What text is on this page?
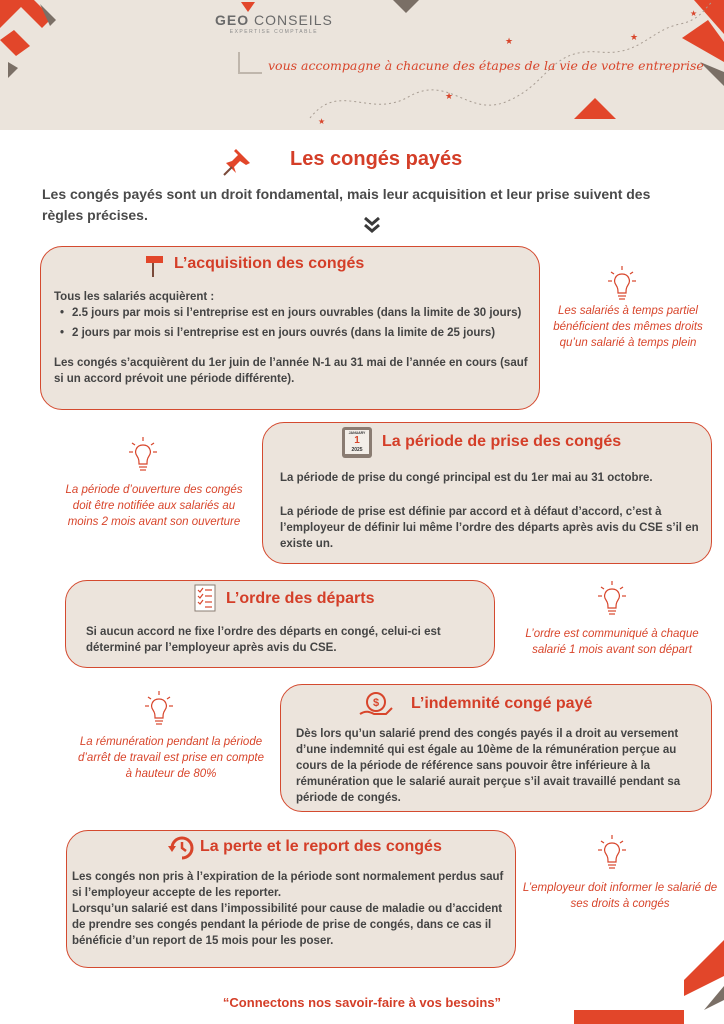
★
★
★
★
★
GEO CONSEILS
EXPERTISE COMPTABLE
vous accompagne à chacune des étapes de la vie de votre entreprise
Les congés payés
Les congés payés sont un droit fondamental, mais leur acquisition et leur prise suivent des règles précises.
L’acquisition des congés
Tous les salariés acquièrent :
• 2.5 jours par mois si l’entreprise est en jours ouvrables (dans la limite de 30 jours)
• 2 jours par mois si l’entreprise est en jours ouvrés (dans la limite de 25 jours)
Les congés s’acquièrent du 1er juin de l’année N-1 au 31 mai de l’année en cours (sauf si un accord prévoit une période différente).
Les salariés à temps partiel bénéficient des mêmes droits qu’un salarié à temps plein
JANUARY
1
2025	La période de prise des congés
La période de prise du congé principal est du 1er mai au 31 octobre.
La période de prise est définie par accord et à défaut d’accord, c’est à l’employeur de définir lui même l’ordre des départs après avis du CSE s’il en existe un.
La période d’ouverture des congés doit être notifiée aux salariés au moins 2 mois avant son ouverture
L’ordre des départs
Si aucun accord ne fixe l’ordre des départs en congé, celui-ci est déterminé par l’employeur après avis du CSE.
L’ordre est communiqué à chaque salarié 1 mois avant son départ
$ L’indemnité congé payé
Dès lors qu’un salarié prend des congés payés il a droit au versement d’une indemnité qui est égale au 10ème de la rémunération perçue au cours de la période de référence sans pouvoir être inférieure à la rémunération que le salarié aurait perçue s’il avait travaillé pendant sa période de congés.
La rémunération pendant la période d’arrêt de travail est prise en compte à hauteur de 80%
La perte et le report des congés
Les congés non pris à l’expiration de la période sont normalement perdus sauf si l’employeur accepte de les reporter.
Lorsqu’un salarié est dans l’impossibilité pour cause de maladie ou d’accident de prendre ses congés pendant la période de prise de congés, dans ce cas il bénéficie d’un report de 15 mois pour les poser.
L’employeur doit informer le salarié de ses droits à congés
“Connectons nos savoir-faire à vos besoins”
